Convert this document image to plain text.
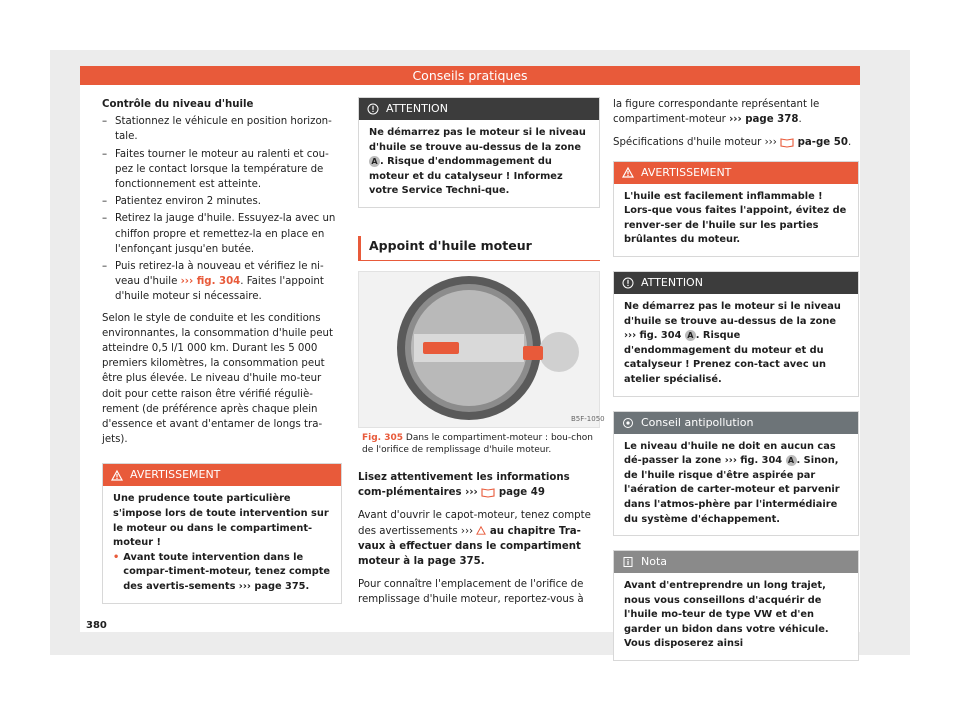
Conseils pratiques
Contrôle du niveau d'huile
– Stationnez le véhicule en position horizon-tale.
– Faites tourner le moteur au ralenti et cou-pez le contact lorsque la température de fonctionnement est atteinte.
– Patientez environ 2 minutes.
– Retirez la jauge d'huile. Essuyez-la avec un chiffon propre et remettez-la en place en l'enfonçant jusqu'en butée.
– Puis retirez-la à nouveau et vérifiez le ni-veau d'huile ››› fig. 304. Faites l'appoint d'huile moteur si nécessaire.

Selon le style de conduite et les conditions environnantes, la consommation d'huile peut atteindre 0,5 l/1 000 km. Durant les 5 000 premiers kilomètres, la consommation peut être plus élevée. Le niveau d'huile mo-teur doit pour cette raison être vérifié réguliè-rement (de préférence après chaque plein d'essence et avant d'entamer de longs tra-jets).

AVERTISSEMENT
Une prudence toute particulière s'impose lors de toute intervention sur le moteur ou dans le compartiment-moteur !
• Avant toute intervention dans le compar-timent-moteur, tenez compte des avertis-sements ››› page 375.
ATTENTION
Ne démarrez pas le moteur si le niveau d'huile se trouve au-dessus de la zone A . Risque d'endommagement du moteur et du catalyseur ! Informez votre Service Techni-que.
Appoint d'huile moteur
B5F-1050
Fig. 305 Dans le compartiment-moteur : bou-chon de l'orifice de remplissage d'huile moteur.

Lisez attentivement les informations com-plémentaires ›››  page 49

Avant d'ouvrir le capot-moteur, tenez compte des avertissements ›››  au chapitre Tra-vaux à effectuer dans le compartiment moteur à la page 375.

Pour connaître l'emplacement de l'orifice de remplissage d'huile moteur, reportez-vous à

la figure correspondante représentant le compartiment-moteur ››› page 378.

Spécifications d'huile moteur ›››  pa-ge 50.

AVERTISSEMENT
L'huile est facilement inflammable ! Lors-que vous faites l'appoint, évitez de renver-ser de l'huile sur les parties brûlantes du moteur.
ATTENTION
Ne démarrez pas le moteur si le niveau d'huile se trouve au-dessus de la zone ››› fig. 304 A . Risque d'endommagement du moteur et du catalyseur ! Prenez con-tact avec un atelier spécialisé.
Conseil antipollution
Le niveau d'huile ne doit en aucun cas dé-passer la zone ››› fig. 304 A . Sinon, de l'huile risque d'être aspirée par l'aération de carter-moteur et parvenir dans l'atmos-phère par l'intermédiaire du système d'échappement.
Nota
Avant d'entreprendre un long trajet, nous vous conseillons d'acquérir de l'huile mo-teur de type VW et d'en garder un bidon dans votre véhicule. Vous disposerez ainsi
380
